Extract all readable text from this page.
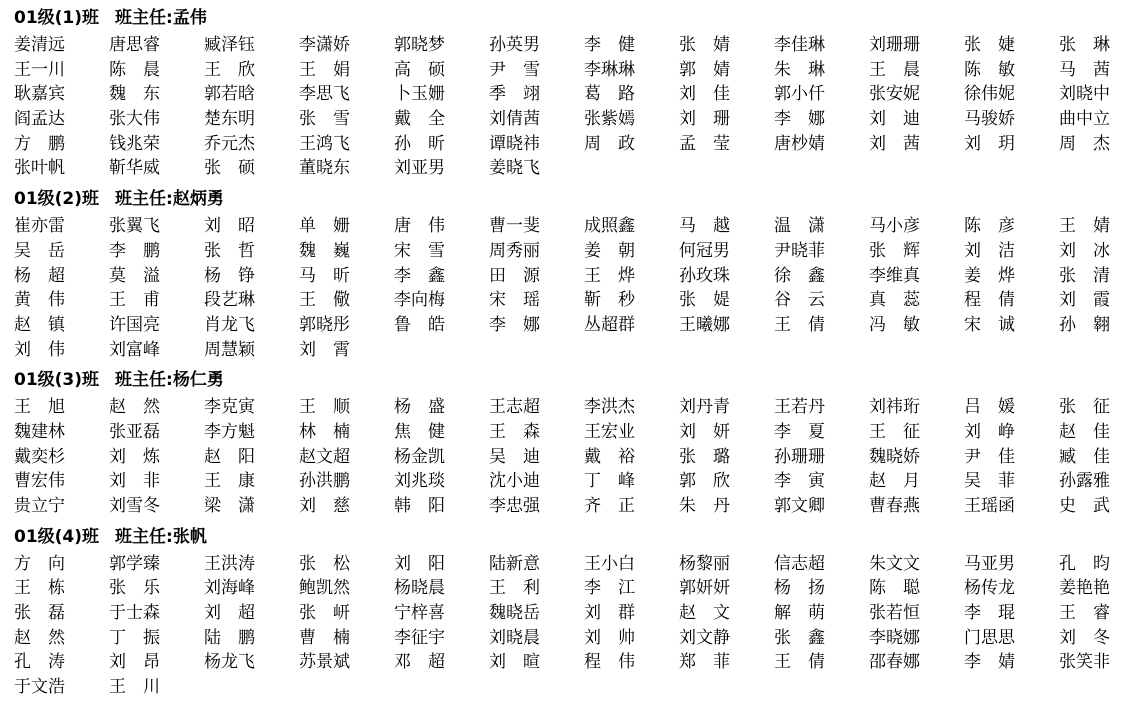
01级(1)班 班主任:孟伟
姜清远	唐思睿	臧泽钰	李潇娇	郭晓梦	孙英男	李　健	张　婧	李佳琳	刘珊珊	张　婕	张　琳
王一川	陈　晨	王　欣	王　娟	高　硕	尹　雪	李琳琳	郭　婧	朱　琳	王　晨	陈　敏	马　茜
耿嘉宾	魏　东	郭若晗	李思飞	卜玉姗	季　翊	葛　路	刘　佳	郭小仟	张安妮	徐伟妮	刘晓中
阎孟达	张大伟	楚东明	张　雪	戴　全	刘倩茜	张紫嫣	刘　珊	李　娜	刘　迪	马骏娇	曲中立
方　鹏	钱兆荣	乔元杰	王鸿飞	孙　昕	谭晓祎	周　政	孟　莹	唐杪婧	刘　茜	刘　玥	周　杰
张叶帆	靳华威	张　硕	董晓东	刘亚男	姜晓飞
01级(2)班 班主任:赵炳勇
崔亦雷	张翼飞	刘　昭	单　姗	唐　伟	曹一斐	成照鑫	马　越	温　潇	马小彦	陈　彦	王　婧
吴　岳	李　鹏	张　哲	魏　巍	宋　雪	周秀丽	姜　朝	何冠男	尹晓菲	张　辉	刘　洁	刘　冰
杨　超	莫　溢	杨　铮	马　昕	李　鑫	田　源	王　烨	孙玫珠	徐　鑫	李维真	姜　烨	张　清
黄　伟	王　甫	段艺琳	王　儆	李向梅	宋　瑶	靳　秒	张　媞	谷　云	真　蕊	程　倩	刘　霞
赵　镇	许国亮	肖龙飞	郭晓彤	鲁　皓	李　娜	丛超群	王曦娜	王　倩	冯　敏	宋　诚	孙　翱
刘　伟	刘富峰	周慧颖	刘　霄
01级(3)班 班主任:杨仁勇
王　旭	赵　然	李克寅	王　顺	杨　盛	王志超	李洪杰	刘丹青	王若丹	刘祎珩	吕　媛	张　征
魏建林	张亚磊	李方魁	林　楠	焦　健	王　森	王宏业	刘　妍	李　夏	王　征	刘　峥	赵　佳
戴奕杉	刘　炼	赵　阳	赵文超	杨金凯	吴　迪	戴　裕	张　璐	孙珊珊	魏晓娇	尹　佳	臧　佳
曹宏伟	刘　非	王　康	孙洪鹏	刘兆琰	沈小迪	丁　峰	郭　欣	李　寅	赵　月	吴　菲	孙露雅
贵立宁	刘雪冬	梁　潇	刘　慈	韩　阳	李忠强	齐　正	朱　丹	郭文卿	曹春燕	王瑶函	史　武
01级(4)班 班主任:张帆
方　向	郭学臻	王洪涛	张　松	刘　阳	陆新意	王小白	杨黎丽	信志超	朱文文	马亚男	孔　昀
王　栋	张　乐	刘海峰	鲍凯然	杨晓晨	王　利	李　江	郭妍妍	杨　扬	陈　聪	杨传龙	姜艳艳
张　磊	于士森	刘　超	张　岍	宁梓喜	魏晓岳	刘　群	赵　文	解　萌	张若恒	李　琨	王　睿
赵　然	丁　振	陆　鹏	曹　楠	李征宇	刘晓晨	刘　帅	刘文静	张　鑫	李晓娜	门思思	刘　冬
孔　涛	刘　昂	杨龙飞	苏景斌	邓　超	刘　暄	程　伟	郑　菲	王　倩	邵春娜	李　婧	张笑非
于文浩	王　川
